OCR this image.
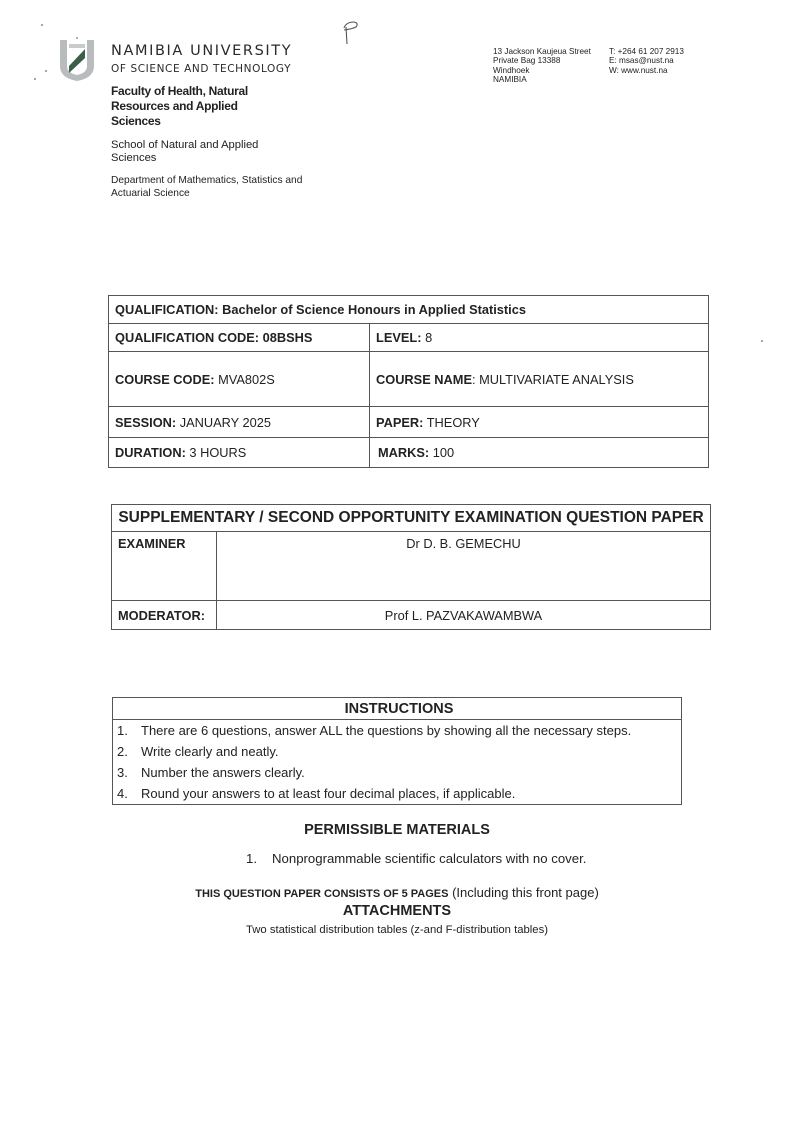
NAMIBIA UNIVERSITY
OF SCIENCE AND TECHNOLOGY
Faculty of Health, Natural Resources and Applied Sciences
School of Natural and Applied Sciences
Department of Mathematics, Statistics and Actuarial Science
13 Jackson Kaujeua Street
Private Bag 13388
Windhoek
NAMIBIA
T: +264 61 207 2913
E: msas@nust.na
W: www.nust.na
QUALIFICATION: Bachelor of Science Honours in Applied Statistics	
QUALIFICATION CODE: 08BSHS	LEVEL: 8
COURSE CODE: MVA802S	COURSE NAME: MULTIVARIATE ANALYSIS
SESSION: JANUARY 2025	PAPER: THEORY
DURATION: 3 HOURS	MARKS: 100
SUPPLEMENTARY / SECOND OPPORTUNITY EXAMINATION QUESTION PAPER	
EXAMINER	Dr D. B. GEMECHU
MODERATOR:	Prof L. PAZVAKAWAMBWA
INSTRUCTIONS
1. There are 6 questions, answer ALL the questions by showing all the necessary steps.
2. Write clearly and neatly.
3. Number the answers clearly.
4. Round your answers to at least four decimal places, if applicable.
PERMISSIBLE MATERIALS
1. Nonprogrammable scientific calculators with no cover.
THIS QUESTION PAPER CONSISTS OF 5 PAGES (Including this front page)
ATTACHMENTS
Two statistical distribution tables (z-and F-distribution tables)
